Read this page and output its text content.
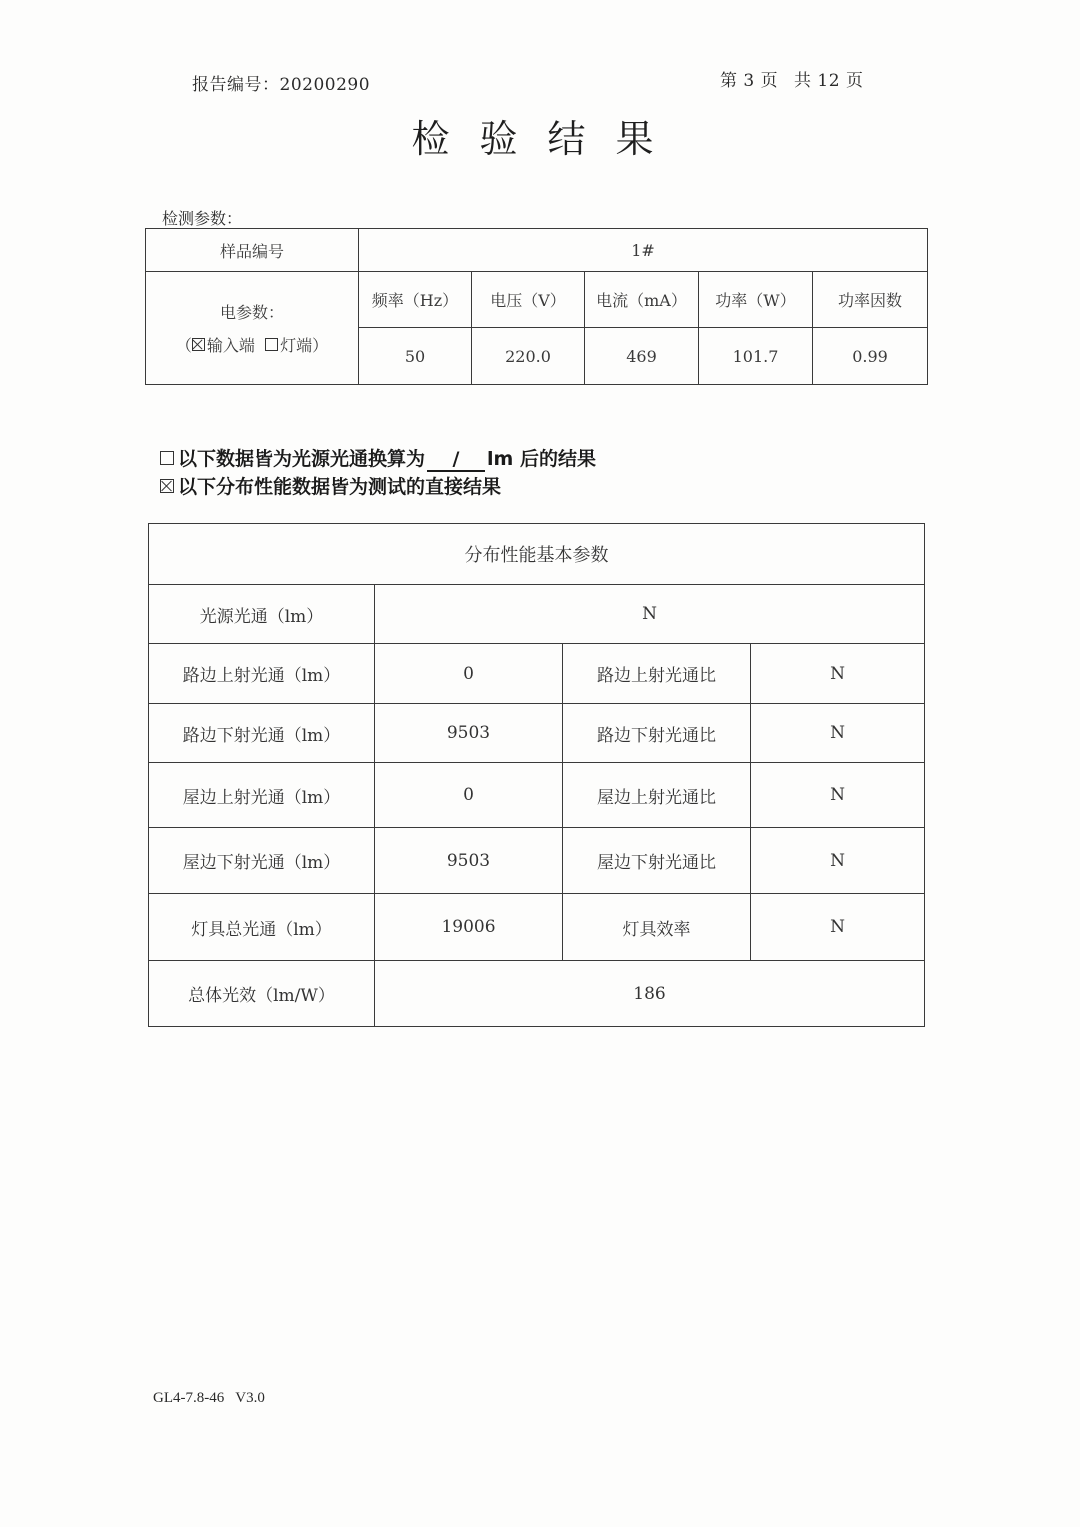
报告编号：20200290	第 3 页 共 12 页
检验结果
检测参数：
样品编号	1#				

电参数：
（ 输入端 灯端）	频率（Hz）	电压（V）	电流（mA）	功率（W）	功率因数
	50	220.0	469	101.7	0.99
以下数据皆为光源光通换算为 / lm 后的结果
以下分布性能数据皆为测试的直接结果
分布性能基本参数			
光源光通（lm）	N		
路边上射光通（lm）	0	路边上射光通比	N
路边下射光通（lm）	9503	路边下射光通比	N
屋边上射光通（lm）	0	屋边上射光通比	N
屋边下射光通（lm）	9503	屋边下射光通比	N
灯具总光通（lm）	19006	灯具效率	N
总体光效（lm/W）	186		
GL4-7.8-46 V3.0
